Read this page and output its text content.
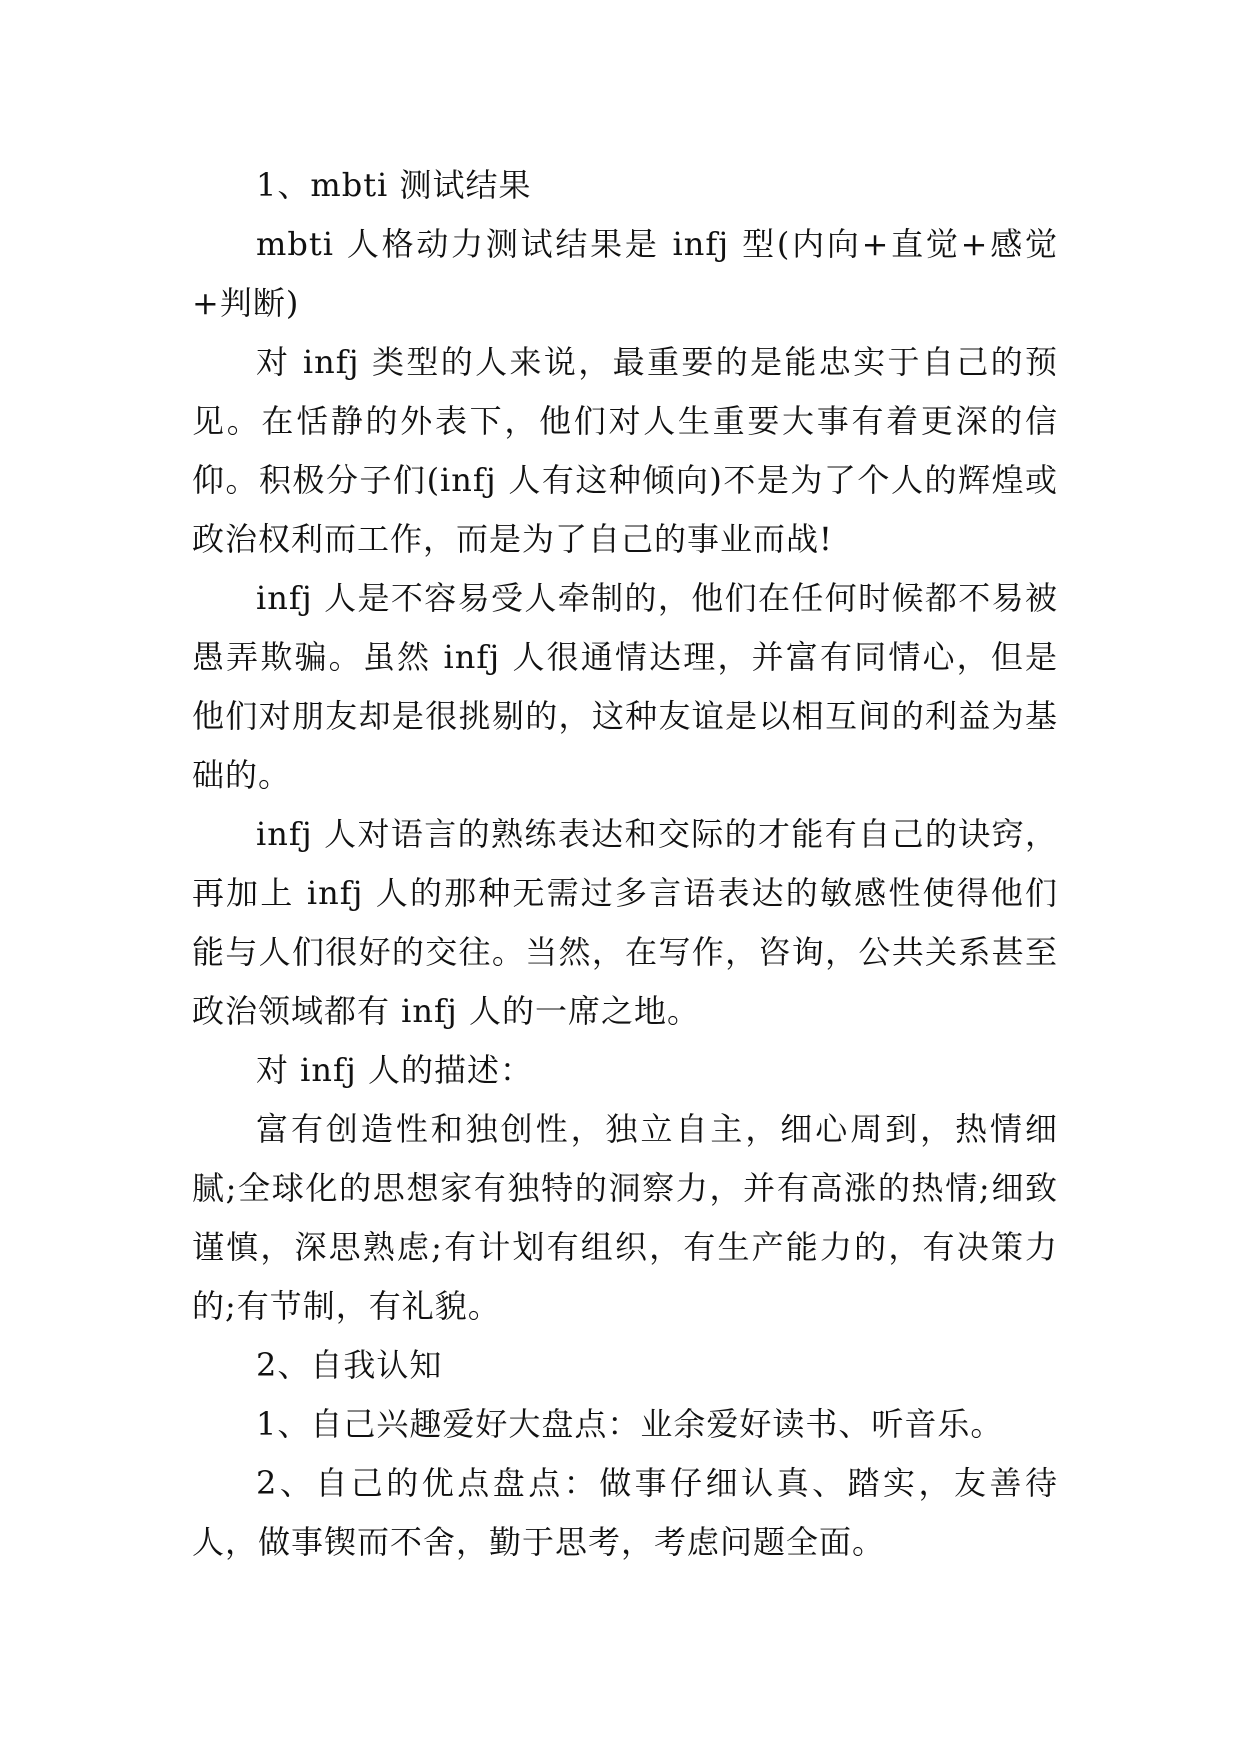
1、mbti 测试结果

mbti 人格动力测试结果是 infj 型(内向+直觉+感觉+判断)

对 infj 类型的人来说，最重要的是能忠实于自己的预见。在恬静的外表下，他们对人生重要大事有着更深的信仰。积极分子们(infj 人有这种倾向)不是为了个人的辉煌或政治权利而工作，而是为了自己的事业而战!

infj 人是不容易受人牵制的，他们在任何时候都不易被愚弄欺骗。虽然 infj 人很通情达理，并富有同情心，但是他们对朋友却是很挑剔的，这种友谊是以相互间的利益为基础的。

infj 人对语言的熟练表达和交际的才能有自己的诀窍，再加上 infj 人的那种无需过多言语表达的敏感性使得他们能与人们很好的交往。当然，在写作，咨询，公共关系甚至政治领域都有 infj 人的一席之地。

对 infj 人的描述：

富有创造性和独创性，独立自主，细心周到，热情细腻;全球化的思想家有独特的洞察力，并有高涨的热情;细致谨慎，深思熟虑;有计划有组织，有生产能力的，有决策力的;有节制，有礼貌。

2、自我认知

1、自己兴趣爱好大盘点：业余爱好读书、听音乐。

2、自己的优点盘点：做事仔细认真、踏实，友善待人，做事锲而不舍，勤于思考，考虑问题全面。
